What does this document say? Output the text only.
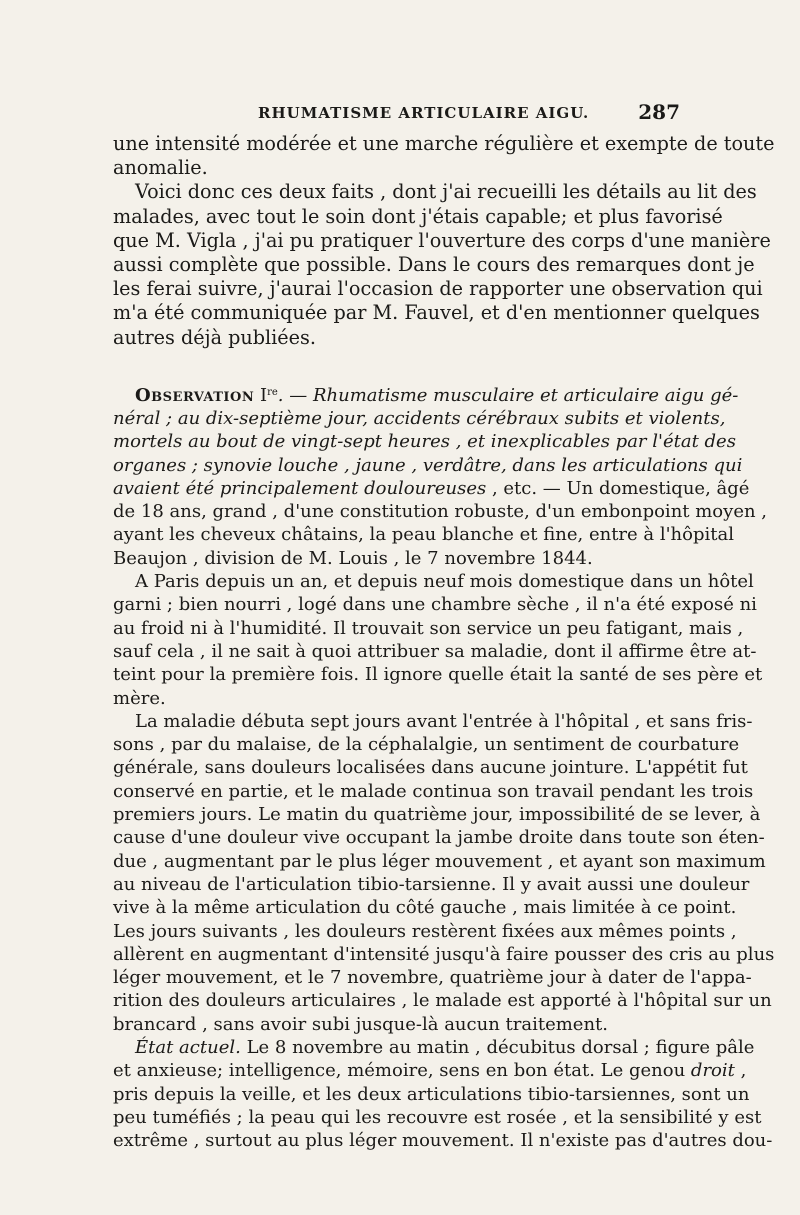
RHUMATISME ARTICULAIRE AIGU. 287
une intensité modérée et une marche régulière et exempte de toute
anomalie.
Voici donc ces deux faits , dont j'ai recueilli les détails au lit des
malades, avec tout le soin dont j'étais capable; et plus favorisé
que M. Vigla , j'ai pu pratiquer l'ouverture des corps d'une manière
aussi complète que possible. Dans le cours des remarques dont je
les ferai suivre, j'aurai l'occasion de rapporter une observation qui
m'a été communiquée par M. Fauvel, et d'en mentionner quelques
autres déjà publiées.
Observation Ire. — Rhumatisme musculaire et articulaire aigu gé-
néral ; au dix-septième jour, accidents cérébraux subits et violents,
mortels au bout de vingt-sept heures , et inexplicables par l'état des
organes ; synovie louche , jaune , verdâtre, dans les articulations qui
avaient été principalement douloureuses , etc. — Un domestique, âgé
de 18 ans, grand , d'une constitution robuste, d'un embonpoint moyen ,
ayant les cheveux châtains, la peau blanche et fine, entre à l'hôpital
Beaujon , division de M. Louis , le 7 novembre 1844.
A Paris depuis un an, et depuis neuf mois domestique dans un hôtel
garni ; bien nourri , logé dans une chambre sèche , il n'a été exposé ni
au froid ni à l'humidité. Il trouvait son service un peu fatigant, mais ,
sauf cela , il ne sait à quoi attribuer sa maladie, dont il affirme être at-
teint pour la première fois. Il ignore quelle était la santé de ses père et
mère.
La maladie débuta sept jours avant l'entrée à l'hôpital , et sans fris-
sons , par du malaise, de la céphalalgie, un sentiment de courbature
générale, sans douleurs localisées dans aucune jointure. L'appétit fut
conservé en partie, et le malade continua son travail pendant les trois
premiers jours. Le matin du quatrième jour, impossibilité de se lever, à
cause d'une douleur vive occupant la jambe droite dans toute son éten-
due , augmentant par le plus léger mouvement , et ayant son maximum
au niveau de l'articulation tibio-tarsienne. Il y avait aussi une douleur
vive à la même articulation du côté gauche , mais limitée à ce point.
Les jours suivants , les douleurs restèrent fixées aux mêmes points ,
allèrent en augmentant d'intensité jusqu'à faire pousser des cris au plus
léger mouvement, et le 7 novembre, quatrième jour à dater de l'appa-
rition des douleurs articulaires , le malade est apporté à l'hôpital sur un
brancard , sans avoir subi jusque-là aucun traitement.
État actuel. Le 8 novembre au matin , décubitus dorsal ; figure pâle
et anxieuse; intelligence, mémoire, sens en bon état. Le genou droit ,
pris depuis la veille, et les deux articulations tibio-tarsiennes, sont un
peu tuméfiés ; la peau qui les recouvre est rosée , et la sensibilité y est
extrême , surtout au plus léger mouvement. Il n'existe pas d'autres dou-
